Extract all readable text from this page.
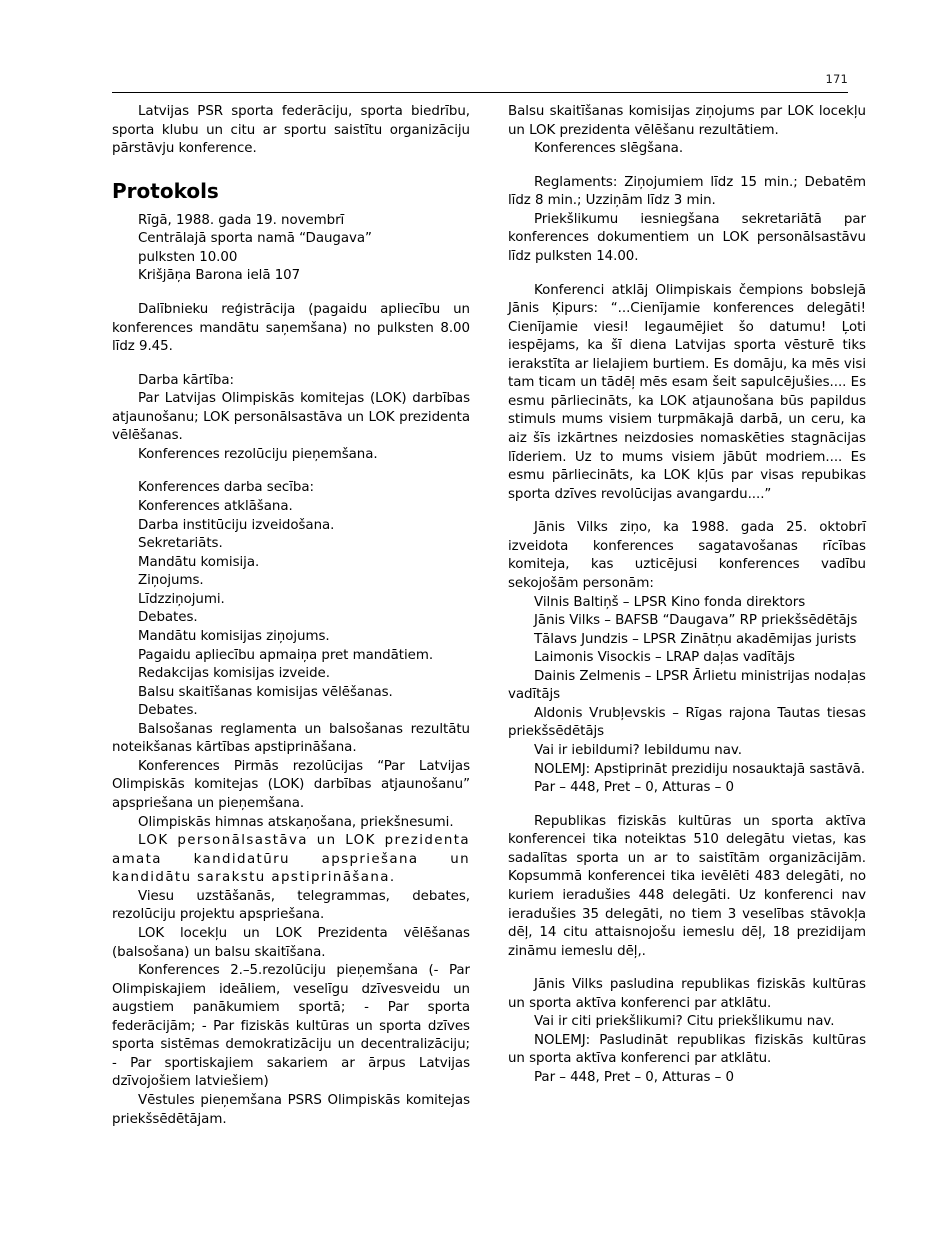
171

Latvijas PSR sporta federāciju, sporta biedrību, sporta klubu un citu ar sportu saistītu organizāciju pārstāvju konference.

Protokols

Rīgā, 1988. gada 19. novembrī

Centrālajā sporta namā “Daugava”

pulksten 10.00

Krišjāņa Barona ielā 107

Dalībnieku reģistrācija (pagaidu apliecību un konferences mandātu saņemšana) no pulksten 8.00 līdz 9.45.

Darba kārtība:

Par Latvijas Olimpiskās komitejas (LOK) darbības atjaunošanu; LOK personālsastāva un LOK prezidenta vēlēšanas.

Konferences rezolūciju pieņemšana.

Konferences darba secība:

Konferences atklāšana.

Darba institūciju izveidošana.

Sekretariāts.

Mandātu komisija.

Ziņojums.

Līdzziņojumi.

Debates.

Mandātu komisijas ziņojums.

Pagaidu apliecību apmaiņa pret mandātiem.

Redakcijas komisijas izveide.

Balsu skaitīšanas komisijas vēlēšanas.

Debates.

Balsošanas reglamenta un balsošanas rezultātu noteikšanas kārtības apstiprināšana.

Konferences Pirmās rezolūcijas “Par Latvijas Olimpiskās komitejas (LOK) darbības atjaunošanu” apspriešana un pieņemšana.

Olimpiskās himnas atskaņošana, priekšnesumi.

LOK personālsastāva un LOK prezidenta amata kandidatūru apspriešana un kandidātu sarakstu apstiprināšana.

Viesu uzstāšanās, telegrammas, debates, rezolūciju projektu apspriešana.

LOK locekļu un LOK Prezidenta vēlēšanas (balsošana) un balsu skaitīšana.

Konferences 2.–5.rezolūciju pieņemšana (- Par Olimpiskajiem ideāliem, veselīgu dzīvesveidu un augstiem panākumiem sportā; - Par sporta federācijām; - Par fiziskās kultūras un sporta dzīves sporta sistēmas demokratizāciju un decentralizāciju; - Par sportiskajiem sakariem ar ārpus Latvijas dzīvojošiem latviešiem)

Vēstules pieņemšana PSRS Olimpiskās komitejas priekšsēdētājam.

Balsu skaitīšanas komisijas ziņojums par LOK locekļu un LOK prezidenta vēlēšanu rezultātiem.

Konferences slēgšana.

Reglaments: Ziņojumiem līdz 15 min.; Debatēm līdz 8 min.; Uzziņām līdz 3 min.

Priekšlikumu iesniegšana sekretariātā par konferences dokumentiem un LOK personālsastāvu līdz pulksten 14.00.

Konferenci atklāj Olimpiskais čempions bobslejā Jānis Ķipurs: “...Cienījamie konferences delegāti! Cienījamie viesi! Iegaumējiet šo datumu! Ļoti iespējams, ka šī diena Latvijas sporta vēsturē tiks ierakstīta ar lielajiem burtiem. Es domāju, ka mēs visi tam ticam un tādēļ mēs esam šeit sapulcējušies.... Es esmu pārliecināts, ka LOK atjaunošana būs papildus stimuls mums visiem turpmākajā darbā, un ceru, ka aiz šīs izkārtnes neizdosies nomaskēties stagnācijas līderiem. Uz to mums visiem jābūt modriem.... Es esmu pārliecināts, ka LOK kļūs par visas repubikas sporta dzīves revolūcijas avangardu....”

Jānis Vilks ziņo, ka 1988. gada 25. oktobrī izveidota konferences sagatavošanas rīcības komiteja, kas uzticējusi konferences vadību sekojošām personām:

Vilnis Baltiņš – LPSR Kino fonda direktors

Jānis Vilks – BAFSB “Daugava” RP priekšsēdētājs

Tālavs Jundzis – LPSR Zinātņu akadēmijas jurists

Laimonis Visockis – LRAP daļas vadītājs

Dainis Zelmenis – LPSR Ārlietu ministrijas nodaļas vadītājs

Aldonis Vrubļevskis – Rīgas rajona Tautas tiesas priekšsēdētājs

Vai ir iebildumi? Iebildumu nav.

NOLEMJ: Apstiprināt prezidiju nosauktajā sastāvā.

Par – 448, Pret – 0, Atturas – 0

Republikas fiziskās kultūras un sporta aktīva konferencei tika noteiktas 510 delegātu vietas, kas sadalītas sporta un ar to saistītām organizācijām. Kopsummā konferencei tika ievēlēti 483 delegāti, no kuriem ieradušies 448 delegāti. Uz konferenci nav ieradušies 35 delegāti, no tiem 3 veselības stāvokļa dēļ, 14 citu attaisnojošu iemeslu dēļ, 18 prezidijam zināmu iemeslu dēļ,.

Jānis Vilks pasludina republikas fiziskās kultūras un sporta aktīva konferenci par atklātu.

Vai ir citi priekšlikumi? Citu priekšlikumu nav.

NOLEMJ: Pasludināt republikas fiziskās kultūras un sporta aktīva konferenci par atklātu.

Par – 448, Pret – 0, Atturas – 0
